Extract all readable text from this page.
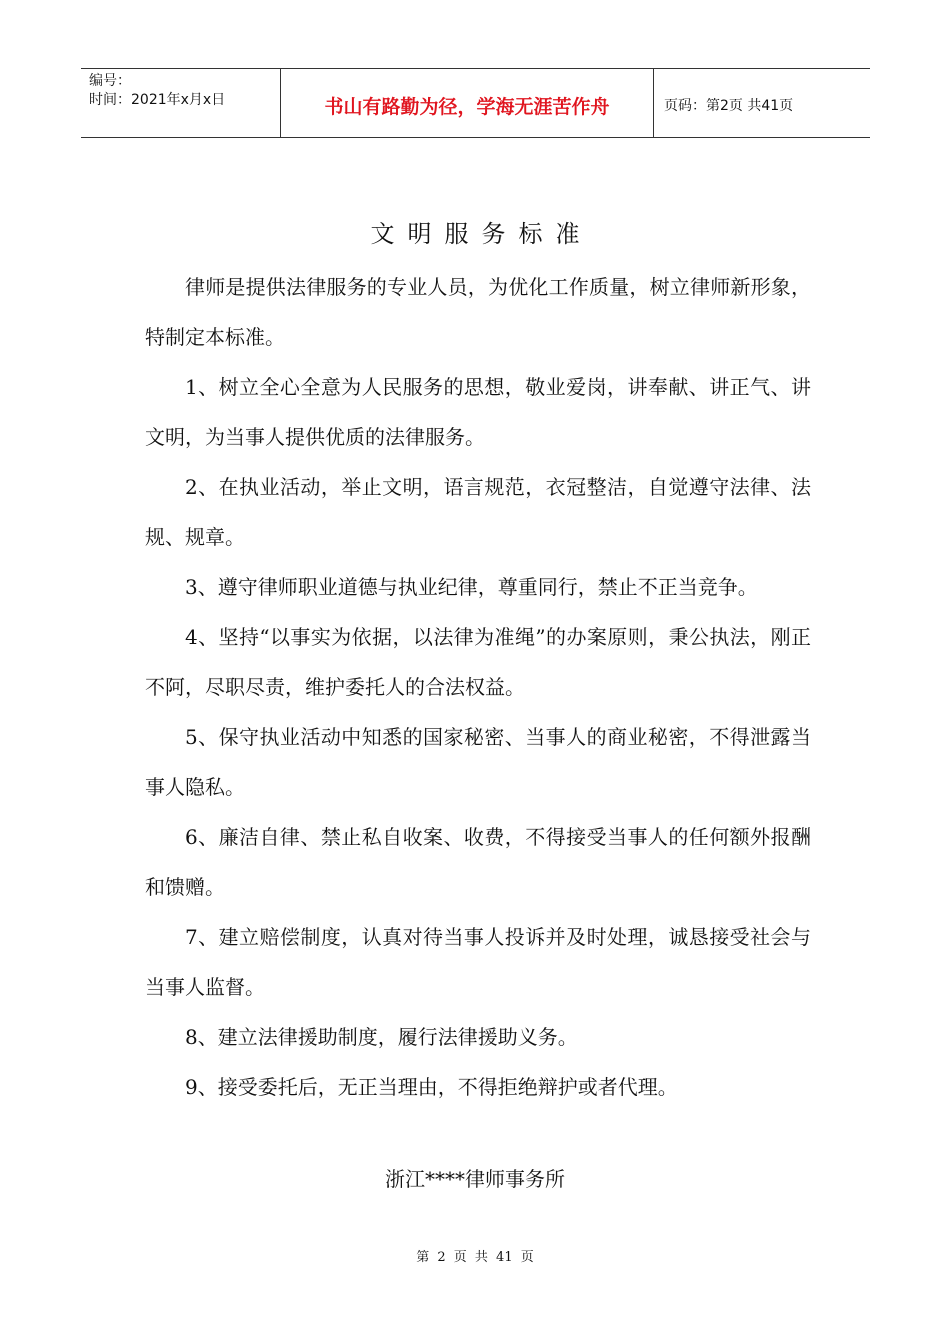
编号：
时间：2021年x月x日	书山有路勤为径，学海无涯苦作舟	页码：第2页 共41页
文明服务标准

律师是提供法律服务的专业人员，为优化工作质量，树立律师新形象，特制定本标准。

1、树立全心全意为人民服务的思想，敬业爱岗，讲奉献、讲正气、讲文明，为当事人提供优质的法律服务。

2、在执业活动，举止文明，语言规范，衣冠整洁，自觉遵守法律、法规、规章。

3、遵守律师职业道德与执业纪律，尊重同行，禁止不正当竞争。

4、坚持“以事实为依据，以法律为准绳”的办案原则，秉公执法，刚正不阿，尽职尽责，维护委托人的合法权益。

5、保守执业活动中知悉的国家秘密、当事人的商业秘密，不得泄露当事人隐私。

6、廉洁自律、禁止私自收案、收费，不得接受当事人的任何额外报酬和馈赠。

7、建立赔偿制度，认真对待当事人投诉并及时处理，诚恳接受社会与当事人监督。

8、建立法律援助制度，履行法律援助义务。

9、接受委托后，无正当理由，不得拒绝辩护或者代理。

浙江****律师事务所
第 2 页 共 41 页
